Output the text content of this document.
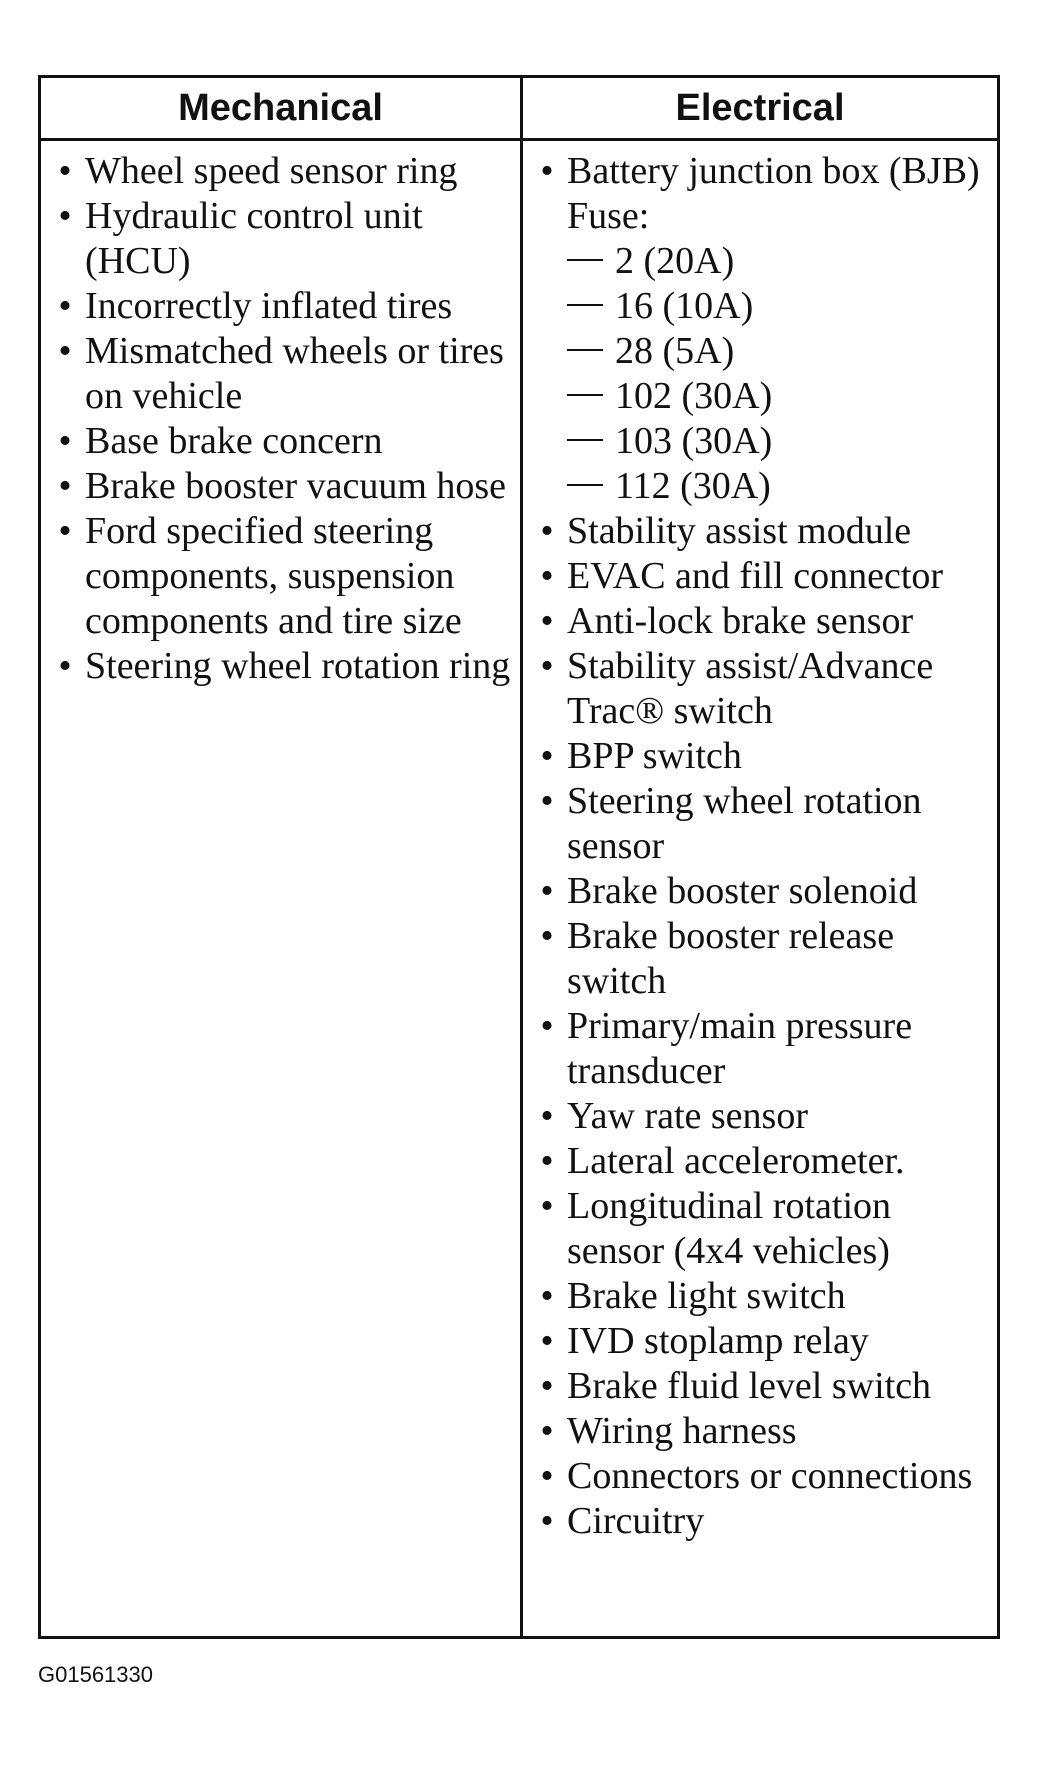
Mechanical
• Wheel speed sensor ring
• Hydraulic control unit (HCU)
• Incorrectly inflated tires
• Mismatched wheels or tires on vehicle
• Base brake concern
• Brake booster vacuum hose
• Ford specified steering components, suspension components and tire size
• Steering wheel rotation ring
Electrical
• Battery junction box (BJB) Fuse:
2 (20A)
16 (10A)
28 (5A)
102 (30A)
103 (30A)
112 (30A)
• Stability assist module
• EVAC and fill connector
• Anti-lock brake sensor
• Stability assist/Advance Trac® switch
• BPP switch
• Steering wheel rotation sensor
• Brake booster solenoid
• Brake booster release switch
• Primary/main pressure transducer
• Yaw rate sensor
• Lateral accelerometer.
• Longitudinal rotation sensor (4x4 vehicles)
• Brake light switch
• IVD stoplamp relay
• Brake fluid level switch
• Wiring harness
• Connectors or connections
• Circuitry
G01561330
